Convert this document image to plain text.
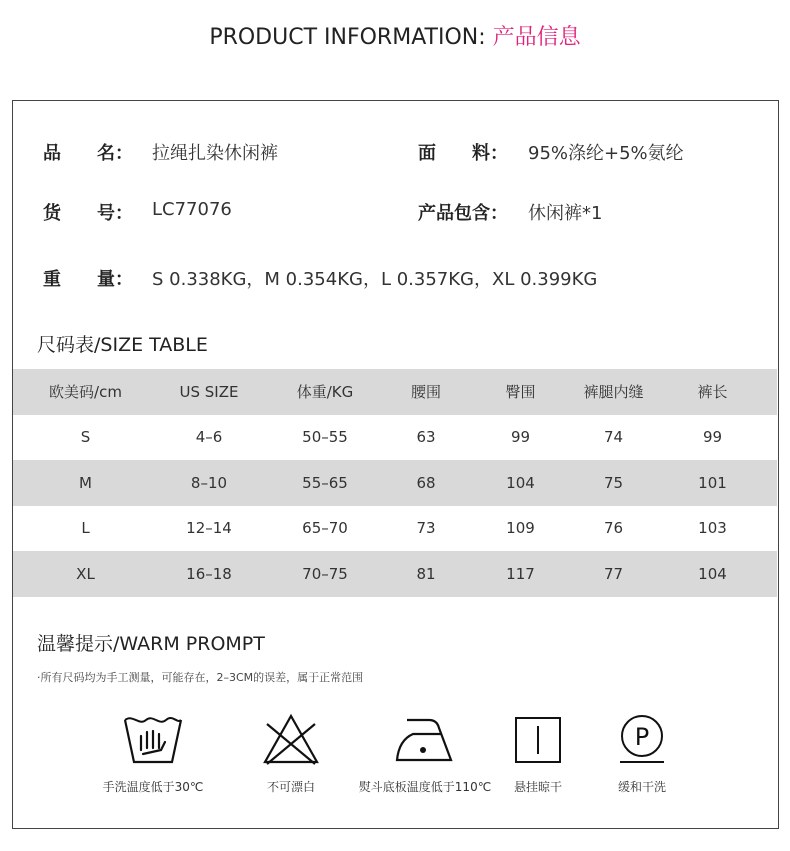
PRODUCT INFORMATION: 产品信息
品　　名： 拉绳扎染休闲裤	面　　料： 95%涤纶+5%氨纶
货　　号： LC77076	产品包含： 休闲裤*1
重　　量： S 0.338KG，M 0.354KG，L 0.357KG，XL 0.399KG
尺码表/SIZE TABLE
欧美码/cm	US SIZE	体重/KG	腰围	臀围	裤腿内缝	裤长
S	4–6	50–55	63	99	74	99
M	8–10	55–65	68	104	75	101
L	12–14	65–70	73	109	76	103
XL	16–18	70–75	81	117	77	104
温馨提示/WARM PROMPT
·所有尺码均为手工测量，可能存在，2–3CM的误差，属于正常范围
手洗温度低于30℃	不可漂白	熨斗底板温度低于110℃	悬挂晾干
P
缓和干洗
